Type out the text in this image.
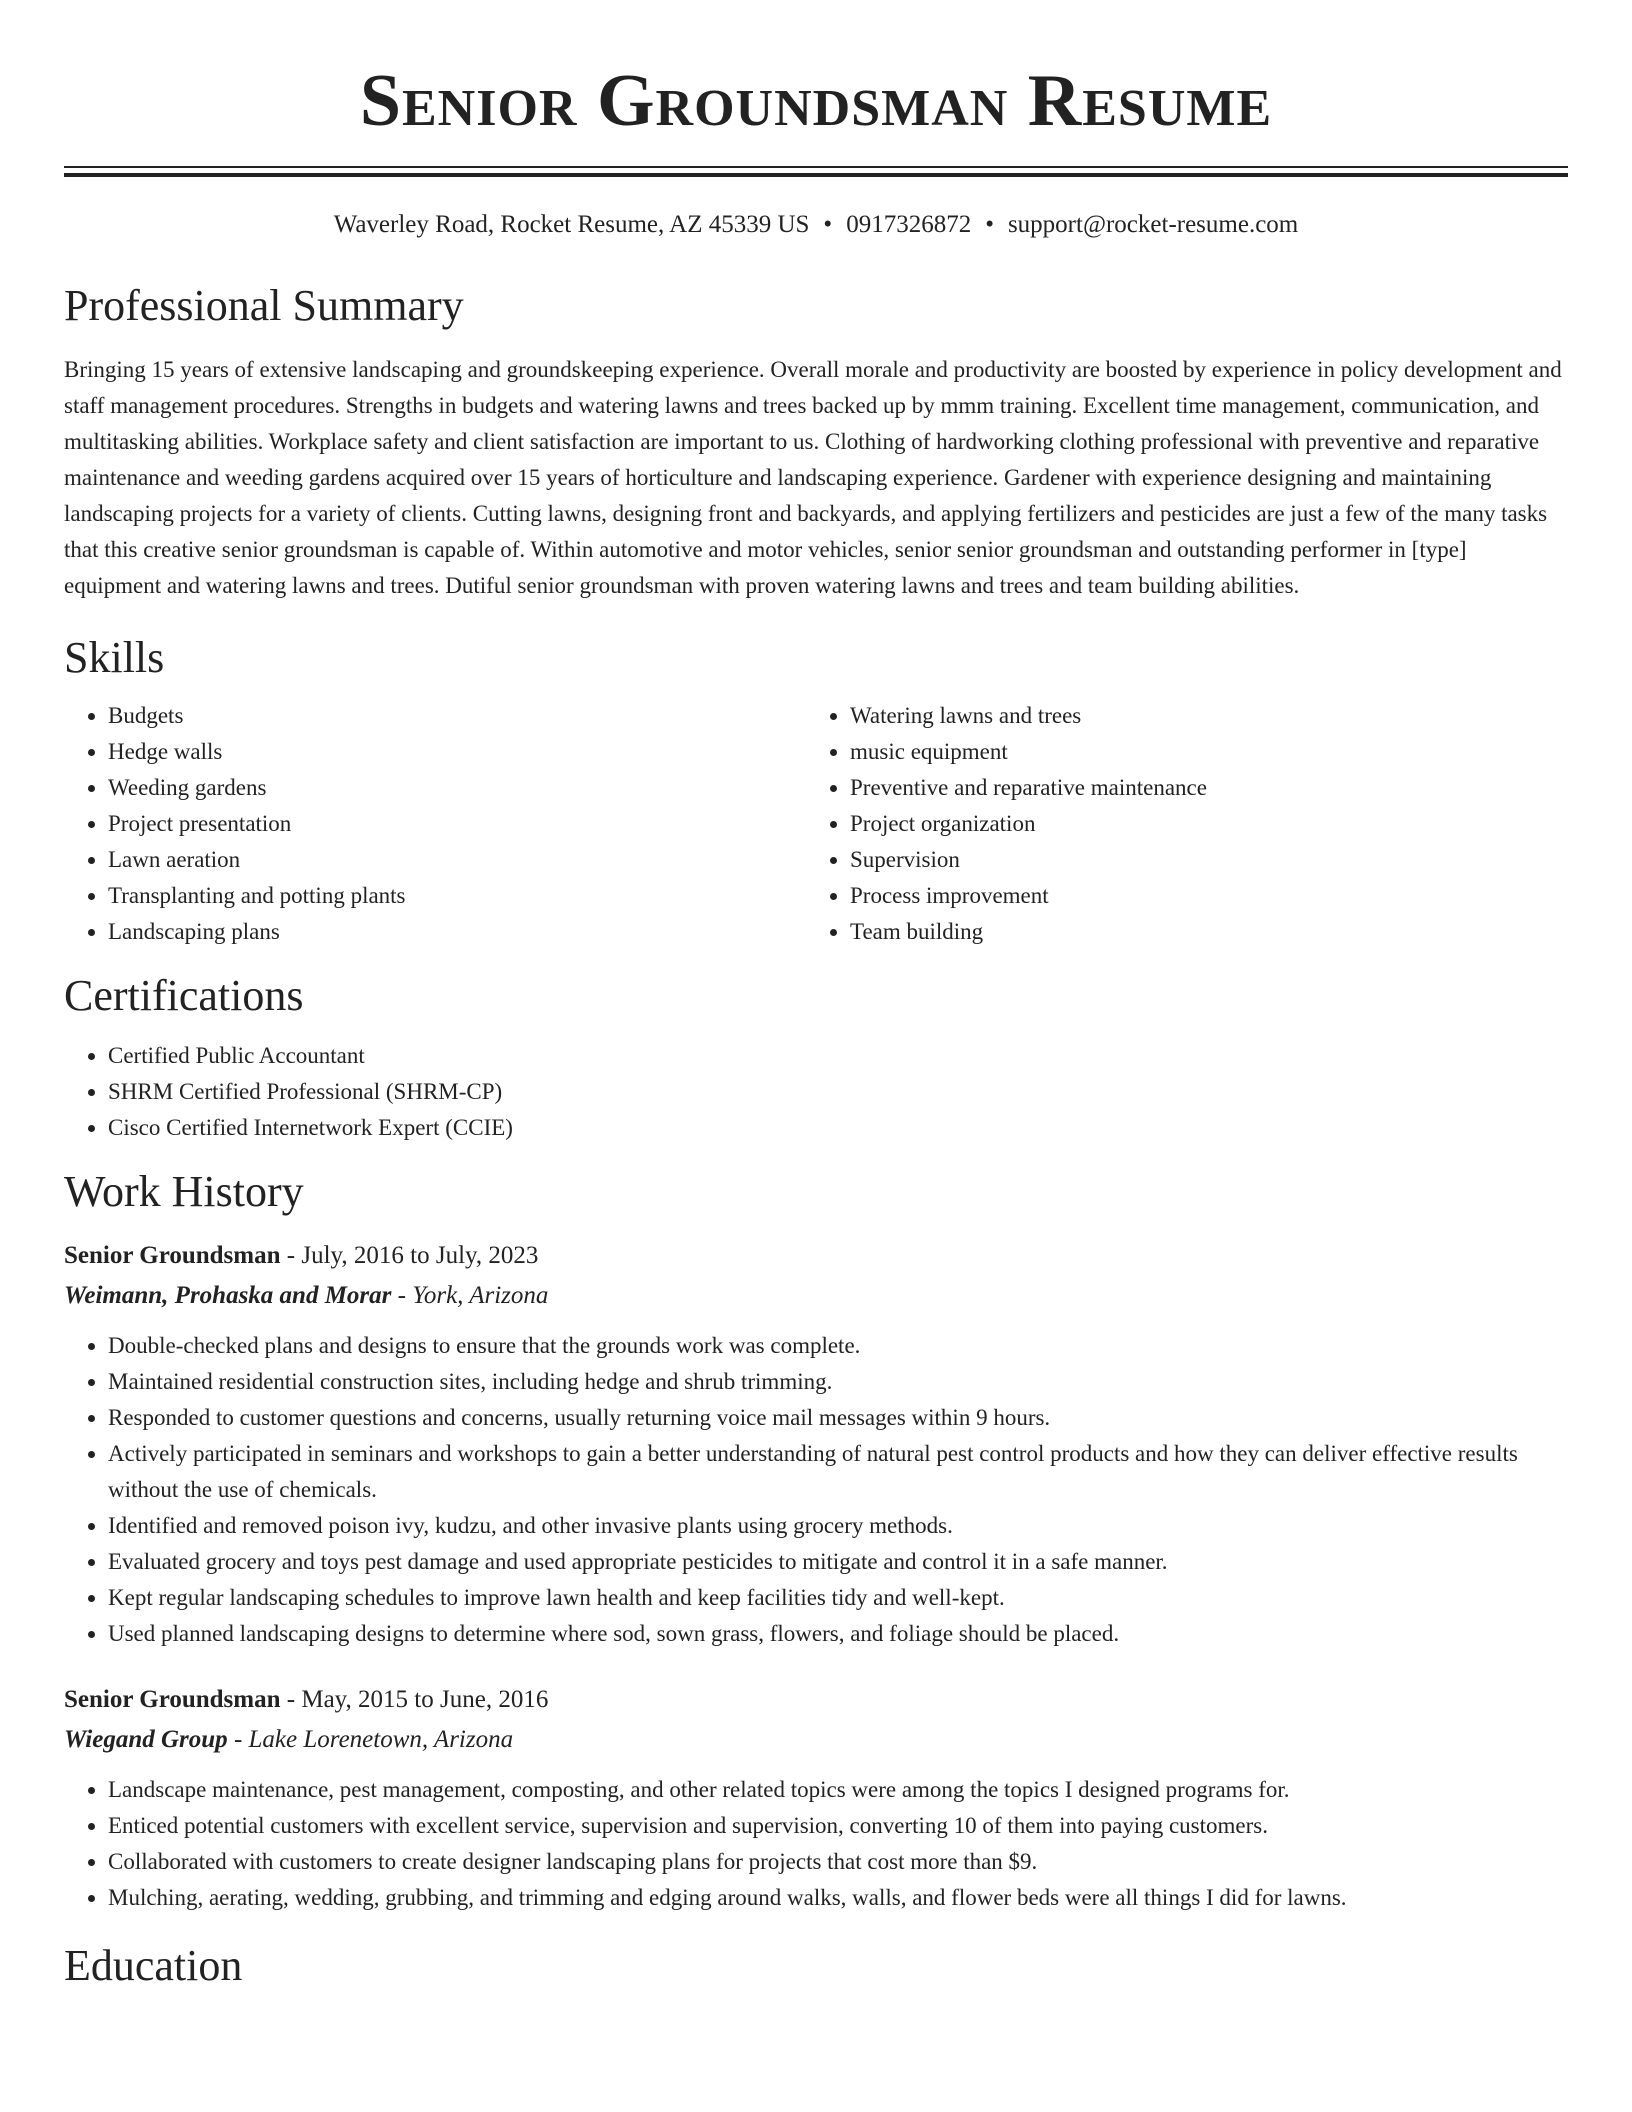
Senior Groundsman Resume
Waverley Road, Rocket Resume, AZ 45339 US • 0917326872 • support@rocket-resume.com
Professional Summary

Bringing 15 years of extensive landscaping and groundskeeping experience. Overall morale and productivity are boosted by experience in policy development and staff management procedures. Strengths in budgets and watering lawns and trees backed up by mmm training. Excellent time management, communication, and multitasking abilities. Workplace safety and client satisfaction are important to us. Clothing of hardworking clothing professional with preventive and reparative maintenance and weeding gardens acquired over 15 years of horticulture and landscaping experience. Gardener with experience designing and maintaining landscaping projects for a variety of clients. Cutting lawns, designing front and backyards, and applying fertilizers and pesticides are just a few of the many tasks that this creative senior groundsman is capable of. Within automotive and motor vehicles, senior senior groundsman and outstanding performer in [type] equipment and watering lawns and trees. Dutiful senior groundsman with proven watering lawns and trees and team building abilities.

Skills
• Budgets
• Hedge walls
• Weeding gardens
• Project presentation
• Lawn aeration
• Transplanting and potting plants
• Landscaping plans
• Watering lawns and trees
• music equipment
• Preventive and reparative maintenance
• Project organization
• Supervision
• Process improvement
• Team building
Certifications
• Certified Public Accountant
• SHRM Certified Professional (SHRM-CP)
• Cisco Certified Internetwork Expert (CCIE)
Work History

Senior Groundsman - July, 2016 to July, 2023

Weimann, Prohaska and Morar - York, Arizona

• Double-checked plans and designs to ensure that the grounds work was complete.
• Maintained residential construction sites, including hedge and shrub trimming.
• Responded to customer questions and concerns, usually returning voice mail messages within 9 hours.
• Actively participated in seminars and workshops to gain a better understanding of natural pest control products and how they can deliver effective results without the use of chemicals.
• Identified and removed poison ivy, kudzu, and other invasive plants using grocery methods.
• Evaluated grocery and toys pest damage and used appropriate pesticides to mitigate and control it in a safe manner.
• Kept regular landscaping schedules to improve lawn health and keep facilities tidy and well-kept.
• Used planned landscaping designs to determine where sod, sown grass, flowers, and foliage should be placed.

Senior Groundsman - May, 2015 to June, 2016

Wiegand Group - Lake Lorenetown, Arizona

• Landscape maintenance, pest management, composting, and other related topics were among the topics I designed programs for.
• Enticed potential customers with excellent service, supervision and supervision, converting 10 of them into paying customers.
• Collaborated with customers to create designer landscaping plans for projects that cost more than $9.
• Mulching, aerating, wedding, grubbing, and trimming and edging around walks, walls, and flower beds were all things I did for lawns.
Education
